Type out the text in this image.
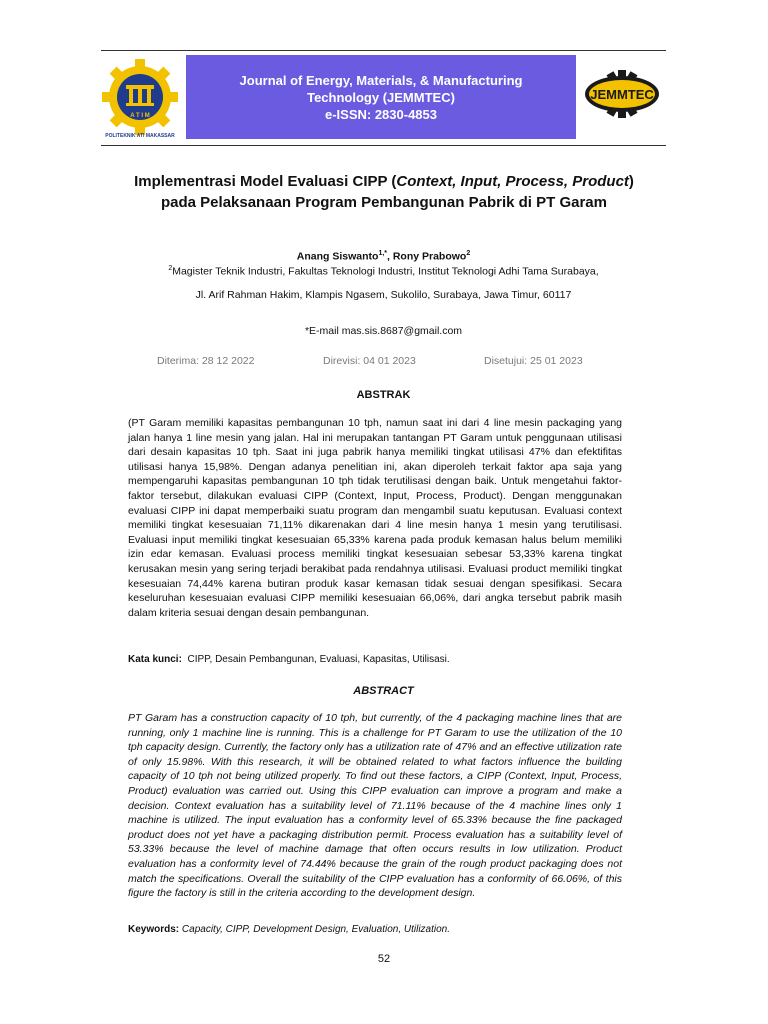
A T I M
POLITEKNIK ATI MAKASSAR
Journal of Energy, Materials, & Manufacturing
Technology (JEMMTEC)
e-ISSN: 2830-4853
JEMMTEC
Implementrasi Model Evaluasi CIPP (Context, Input, Process, Product) pada Pelaksanaan Program Pembangunan Pabrik di PT Garam
Anang Siswanto$^{1,*}$, Rony Prabowo$^2$
$^2$Magister Teknik Industri, Fakultas Teknologi Industri, Institut Teknologi Adhi Tama Surabaya,
Jl. Arif Rahman Hakim, Klampis Ngasem, Sukolilo, Surabaya, Jawa Timur, 60117
*E-mail mas.sis.8687@gmail.com
Diterima: 28 12 2022	Direvisi: 04 01 2023	Disetujui: 25 01 2023
ABSTRAK
(PT Garam memiliki kapasitas pembangunan 10 tph, namun saat ini dari 4 line mesin packaging yang jalan hanya 1 line mesin yang jalan. Hal ini merupakan tantangan PT Garam untuk penggunaan utilisasi dari desain kapasitas 10 tph. Saat ini juga pabrik hanya memiliki tingkat utilisasi 47% dan efektifitas utilisasi hanya 15,98%. Dengan adanya penelitian ini, akan diperoleh terkait faktor apa saja yang mempengaruhi kapasitas pembangunan 10 tph tidak terutilisasi dengan baik. Untuk mengetahui faktor-faktor tersebut, dilakukan evaluasi CIPP (Context, Input, Process, Product). Dengan menggunakan evaluasi CIPP ini dapat memperbaiki suatu program dan mengambil suatu keputusan. Evaluasi context memiliki tingkat kesesuaian 71,11% dikarenakan dari 4 line mesin hanya 1 mesin yang terutilisasi. Evaluasi input memiliki tingkat kesesuaian 65,33% karena pada produk kemasan halus belum memiliki izin edar kemasan. Evaluasi process memiliki tingkat kesesuaian sebesar 53,33% karena tingkat kerusakan mesin yang sering terjadi berakibat pada rendahnya utilisasi. Evaluasi product memiliki tingkat kesesuaian 74,44% karena butiran produk kasar kemasan tidak sesuai dengan spesifikasi. Secara keseluruhan kesesuaian evaluasi CIPP memiliki kesesuaian 66,06%, dari angka tersebut pabrik masih dalam kriteria sesuai dengan desain pembangunan.
Kata kunci: CIPP, Desain Pembangunan, Evaluasi, Kapasitas, Utilisasi.
ABSTRACT
PT Garam has a construction capacity of 10 tph, but currently, of the 4 packaging machine lines that are running, only 1 machine line is running. This is a challenge for PT Garam to use the utilization of the 10 tph capacity design. Currently, the factory only has a utilization rate of 47% and an effective utilization rate of only 15.98%. With this research, it will be obtained related to what factors influence the building capacity of 10 tph not being utilized properly. To find out these factors, a CIPP (Context, Input, Process, Product) evaluation was carried out. Using this CIPP evaluation can improve a program and make a decision. Context evaluation has a suitability level of 71.11% because of the 4 machine lines only 1 machine is utilized. The input evaluation has a conformity level of 65.33% because the fine packaged product does not yet have a packaging distribution permit. Process evaluation has a suitability level of 53.33% because the level of machine damage that often occurs results in low utilization. Product evaluation has a conformity level of 74.44% because the grain of the rough product packaging does not match the specifications. Overall the suitability of the CIPP evaluation has a conformity of 66.06%, of this figure the factory is still in the criteria according to the development design.
Keywords: Capacity, CIPP, Development Design, Evaluation, Utilization.
52
